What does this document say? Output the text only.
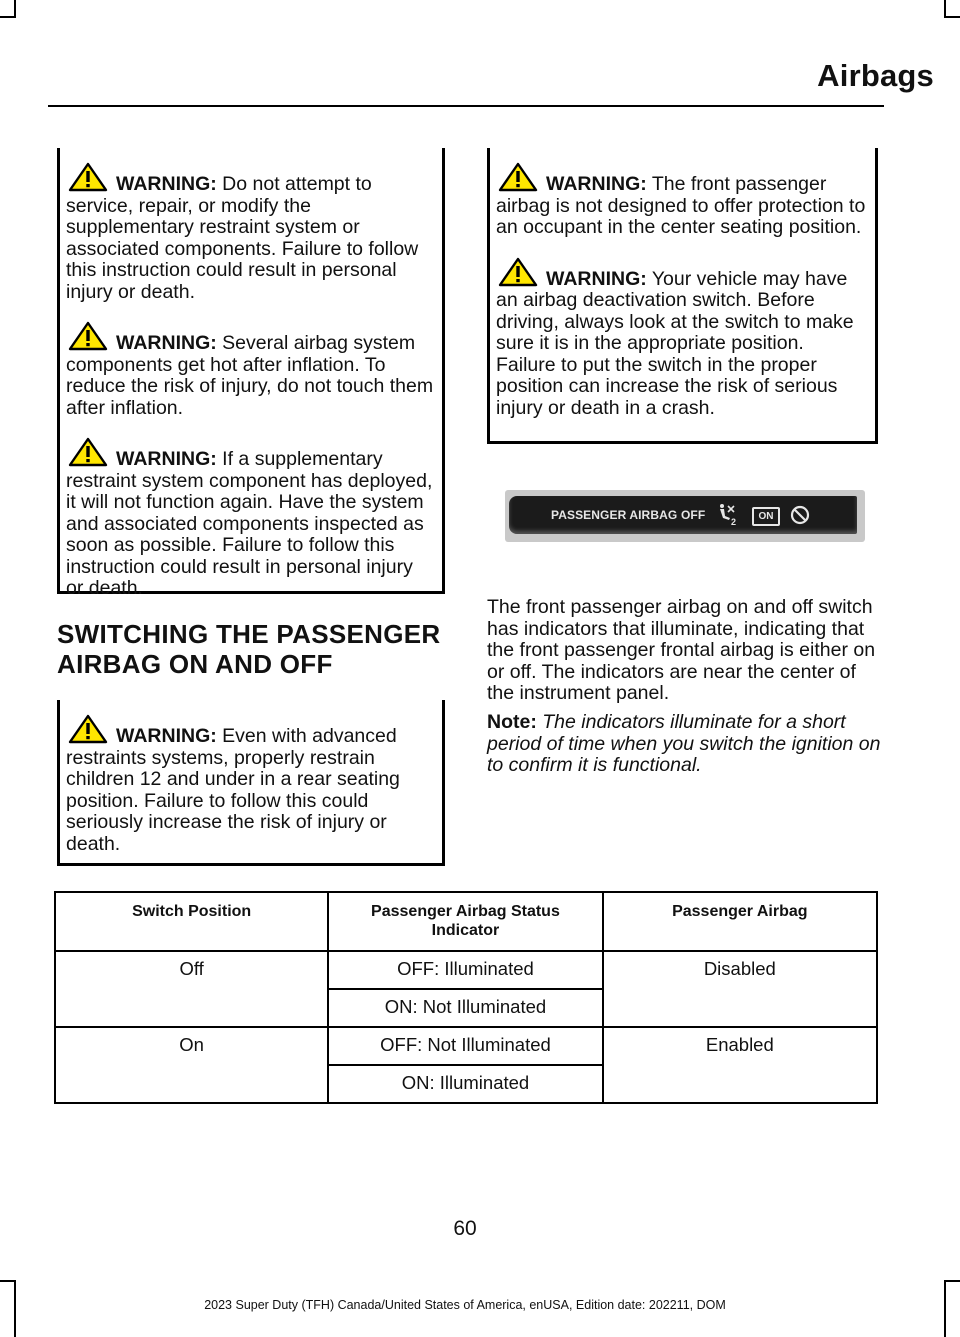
Airbags

WARNING: Do not attempt to service, repair, or modify the supplementary restraint system or associated components. Failure to follow this instruction could result in personal injury or death.

WARNING: Several airbag system components get hot after inflation. To reduce the risk of injury, do not touch them after inflation.

WARNING: If a supplementary restraint system component has deployed, it will not function again. Have the system and associated components inspected as soon as possible. Failure to follow this instruction could result in personal injury or death.

SWITCHING THE PASSENGER
AIRBAG ON AND OFF

WARNING: Even with advanced restraints systems, properly restrain children 12 and under in a rear seating position. Failure to follow this could seriously increase the risk of injury or death.

WARNING: The front passenger airbag is not designed to offer protection to an occupant in the center seating position.

WARNING: Your vehicle may have an airbag deactivation switch. Before driving, always look at the switch to make sure it is in the appropriate position. Failure to put the switch in the proper position can increase the risk of serious injury or death in a crash.

PASSENGER AIRBAG OFF	2	ON

The front passenger airbag on and off switch has indicators that illuminate, indicating that the front passenger frontal airbag is either on or off. The indicators are near the center of the instrument panel.

Note: The indicators illuminate for a short period of time when you switch the ignition on to confirm it is functional.

Switch Position	Passenger Airbag Status Indicator	Passenger Airbag
Off	OFF: Illuminated	Disabled
	ON: Not Illuminated	
On	OFF: Not Illuminated	Enabled
	ON: Illuminated	
60
2023 Super Duty (TFH) Canada/United States of America, enUSA, Edition date: 202211, DOM
